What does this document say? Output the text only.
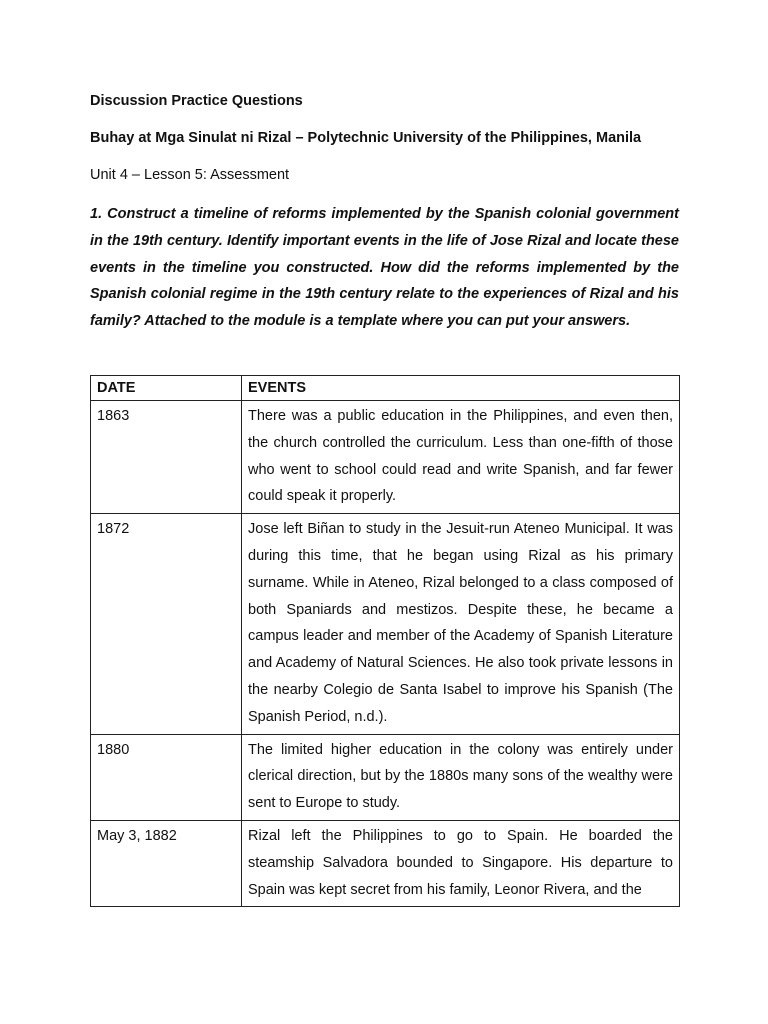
Discussion Practice Questions
Buhay at Mga Sinulat ni Rizal – Polytechnic University of the Philippines, Manila
Unit 4 – Lesson 5: Assessment
1. Construct a timeline of reforms implemented by the Spanish colonial government in the 19th century. Identify important events in the life of Jose Rizal and locate these events in the timeline you constructed. How did the reforms implemented by the Spanish colonial regime in the 19th century relate to the experiences of Rizal and his family? Attached to the module is a template where you can put your answers.
DATE	EVENTS
1863	There was a public education in the Philippines, and even then, the church controlled the curriculum. Less than one-fifth of those who went to school could read and write Spanish, and far fewer could speak it properly.
1872	Jose left Biñan to study in the Jesuit-run Ateneo Municipal. It was during this time, that he began using Rizal as his primary surname. While in Ateneo, Rizal belonged to a class composed of both Spaniards and mestizos. Despite these, he became a campus leader and member of the Academy of Spanish Literature and Academy of Natural Sciences. He also took private lessons in the nearby Colegio de Santa Isabel to improve his Spanish (The Spanish Period, n.d.).
1880	The limited higher education in the colony was entirely under clerical direction, but by the 1880s many sons of the wealthy were sent to Europe to study.
May 3, 1882	Rizal left the Philippines to go to Spain. He boarded the steamship Salvadora bounded to Singapore. His departure to Spain was kept secret from his family, Leonor Rivera, and the
